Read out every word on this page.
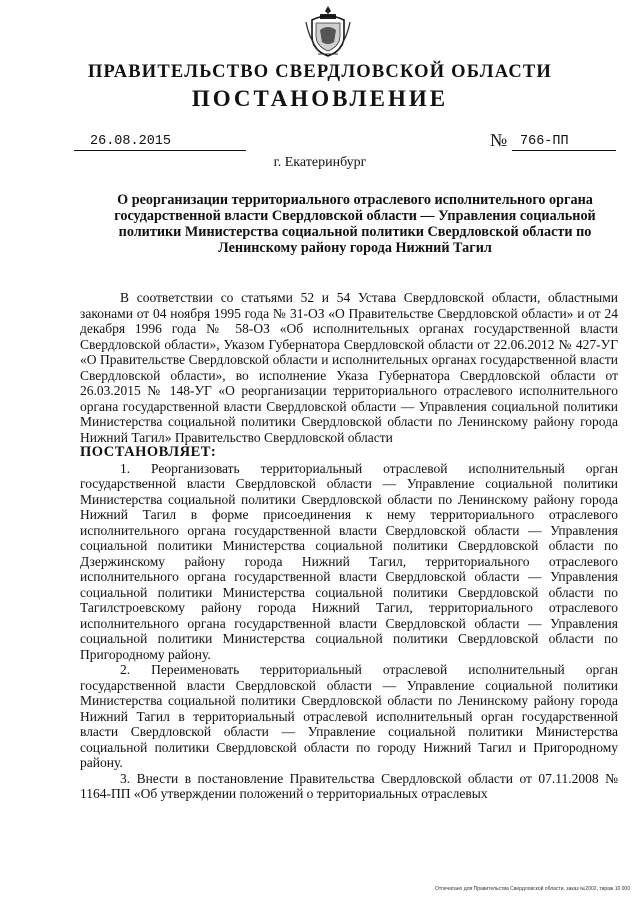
ПРАВИТЕЛЬСТВО СВЕРДЛОВСКОЙ ОБЛАСТИ
ПОСТАНОВЛЕНИЕ
26.08.2015	№ 766-ПП
г. Екатеринбург
О реорганизации территориального отраслевого исполнительного органа государственной власти Свердловской области — Управления социальной политики Министерства социальной политики Свердловской области по Ленинскому району города Нижний Тагил

В соответствии со статьями 52 и 54 Устава Свердловской области, областными законами от 04 ноября 1995 года № 31-ОЗ «О Правительстве Свердловской области» и от 24 декабря 1996 года № 58-ОЗ «Об исполнительных органах государственной власти Свердловской области», Указом Губернатора Свердловской области от 22.06.2012 № 427-УГ «О Правительстве Свердловской области и исполнительных органах государственной власти Свердловской области», во исполнение Указа Губернатора Свердловской области от 26.03.2015 № 148-УГ «О реорганизации территориального отраслевого исполнительного органа государственной власти Свердловской области — Управления социальной политики Министерства социальной политики Свердловской области по Ленинскому району города Нижний Тагил» Правительство Свердловской области

ПОСТАНОВЛЯЕТ:

1. Реорганизовать территориальный отраслевой исполнительный орган государственной власти Свердловской области — Управление социальной политики Министерства социальной политики Свердловской области по Ленинскому району города Нижний Тагил в форме присоединения к нему территориального отраслевого исполнительного органа государственной власти Свердловской области — Управления социальной политики Министерства социальной политики Свердловской области по Дзержинскому району города Нижний Тагил, территориального отраслевого исполнительного органа государственной власти Свердловской области — Управления социальной политики Министерства социальной политики Свердловской области по Тагилстроевскому району города Нижний Тагил, территориального отраслевого исполнительного органа государственной власти Свердловской области — Управления социальной политики Министерства социальной политики Свердловской области по Пригородному району.

2. Переименовать территориальный отраслевой исполнительный орган государственной власти Свердловской области — Управление социальной политики Министерства социальной политики Свердловской области по Ленинскому району города Нижний Тагил в территориальный отраслевой исполнительный орган государственной власти Свердловской области — Управление социальной политики Министерства социальной политики Свердловской области по городу Нижний Тагил и Пригородному району.

3. Внести в постановление Правительства Свердловской области от 07.11.2008 № 1164-ПП «Об утверждении положений о территориальных отраслевых

Отпечатано для Правительства Свердловской области, заказ №2002, тираж 10 000
